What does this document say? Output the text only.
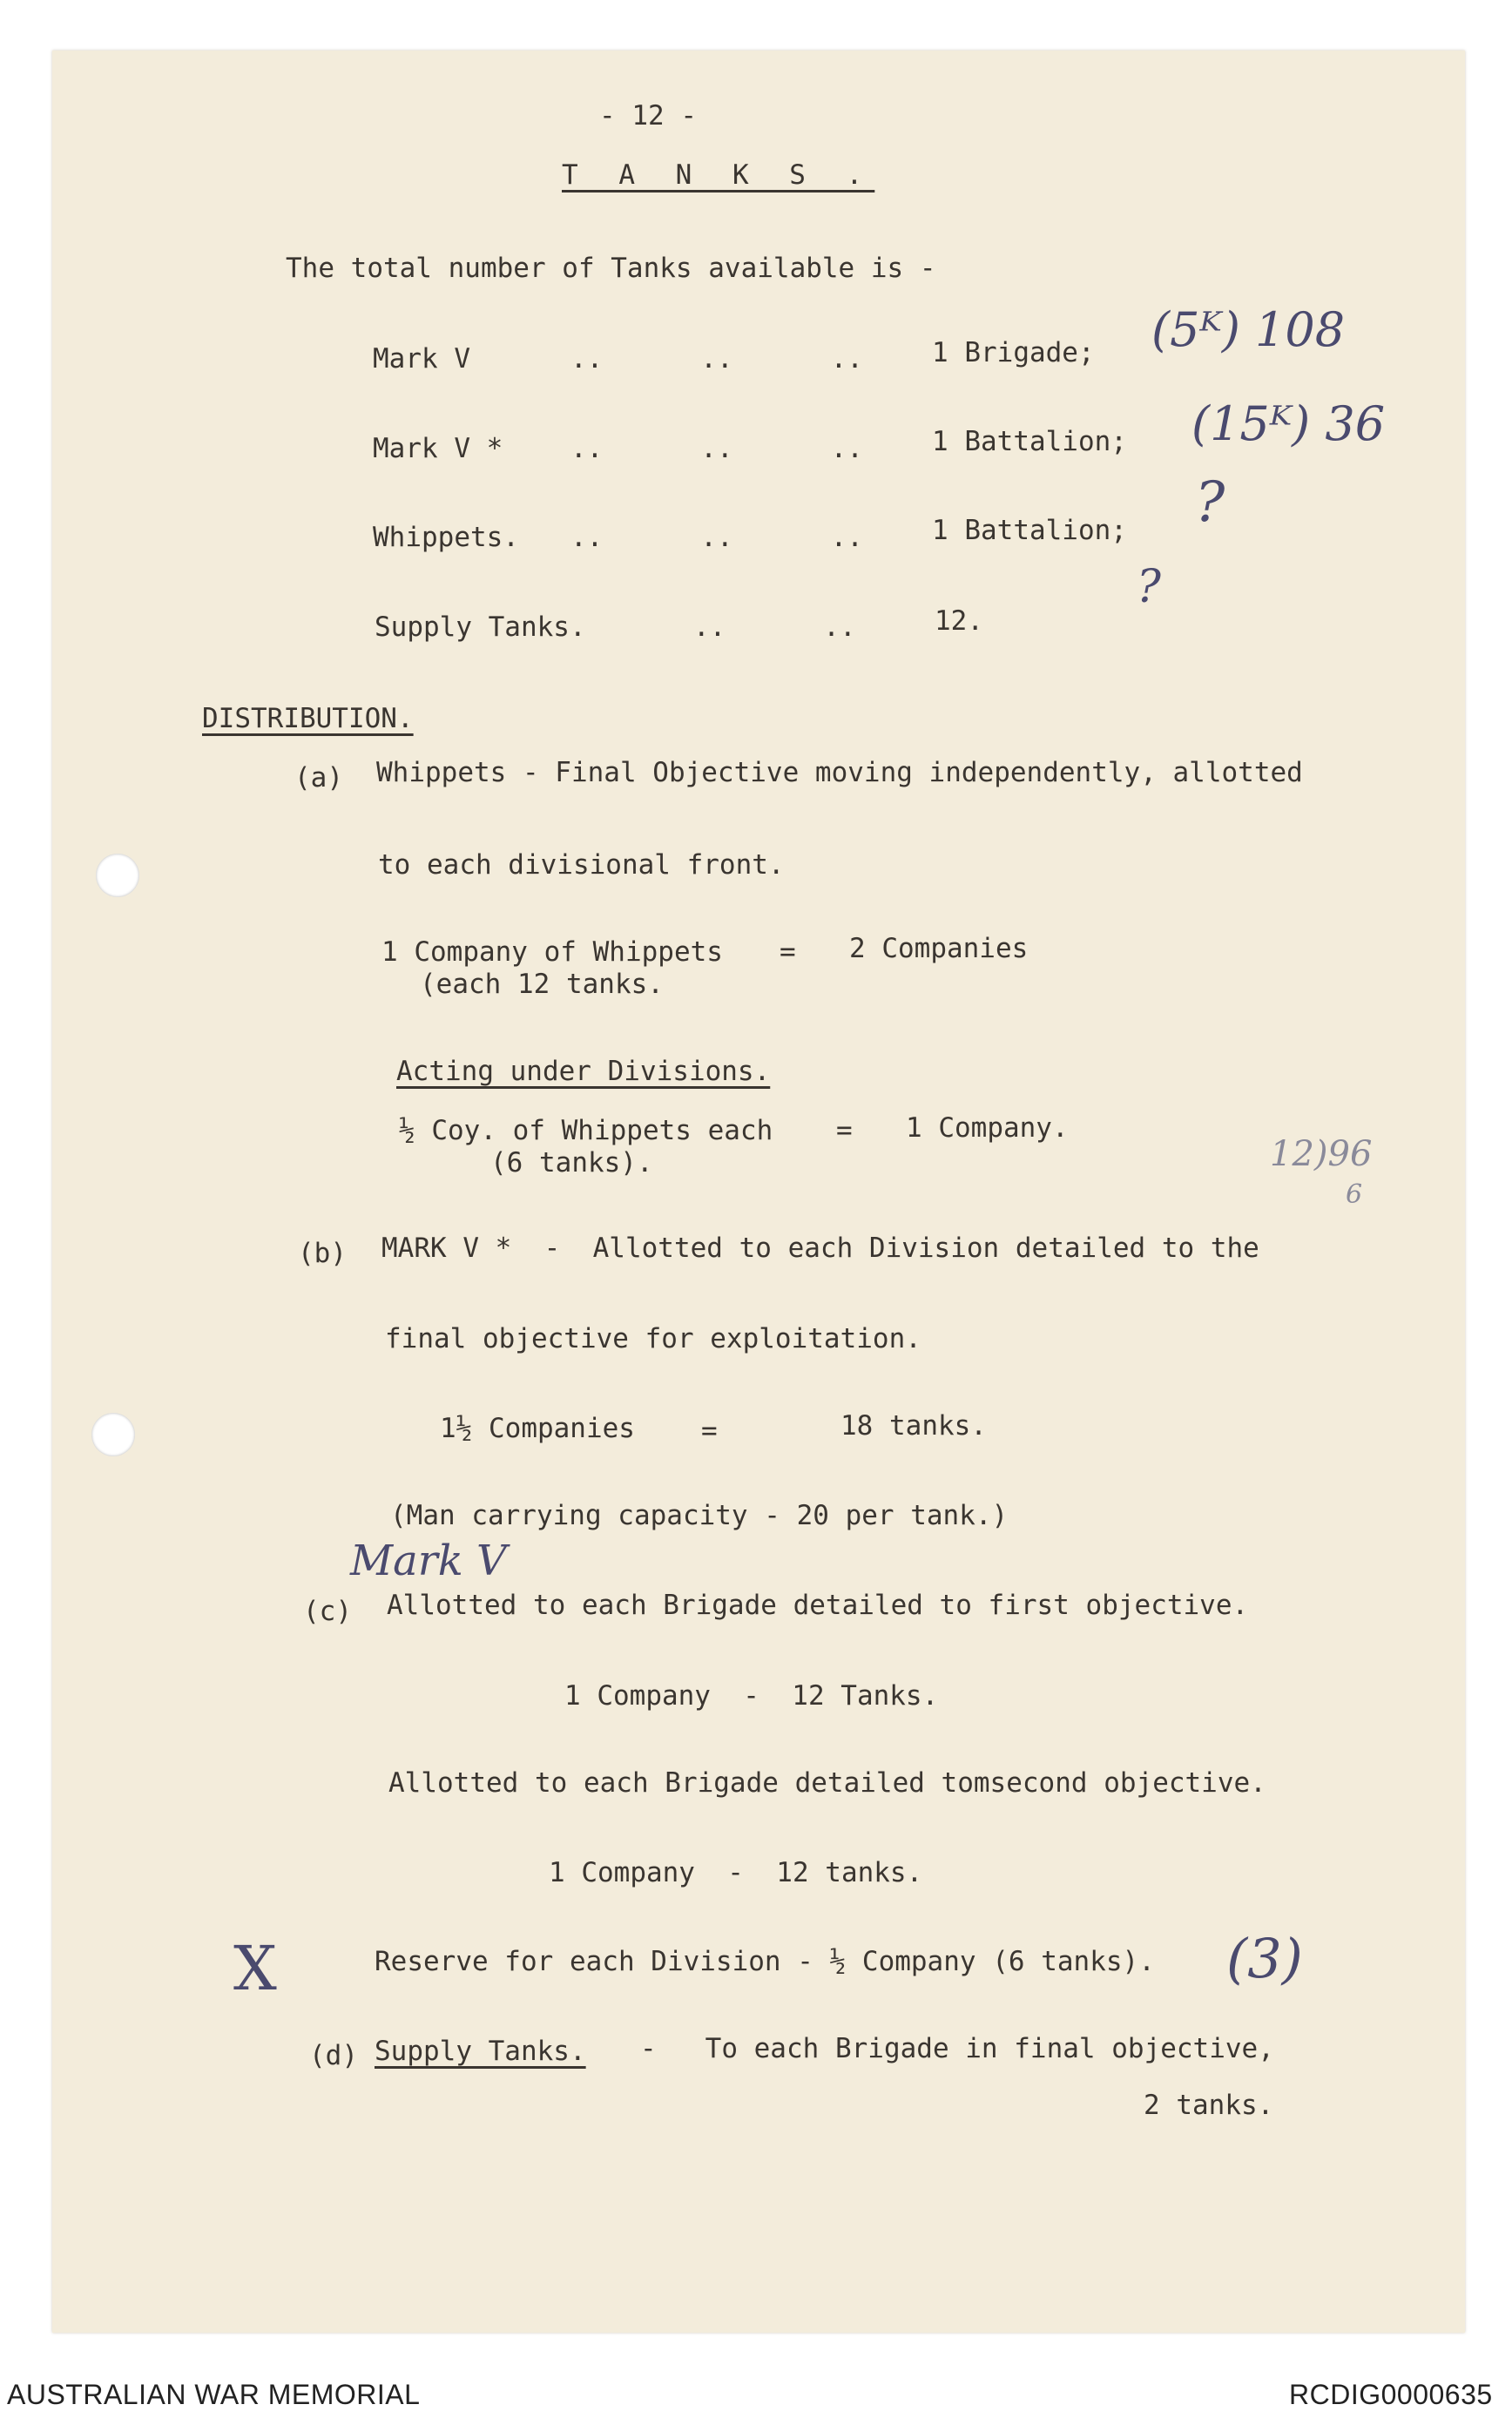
- 12 -
T A N K S .
The total number of Tanks available is -
Mark V	..      ..      ..	1 Brigade;
Mark V *	..      ..      ..	1 Battalion;
Whippets. ..      ..      ..	1 Battalion;
Supply Tanks.	..      ..	12.
DISTRIBUTION.
(a) Whippets - Final Objective moving independently, allotted
to each divisional front.
1 Company of Whippets = 2 Companies
(each 12 tanks.
Acting under Divisions.
½ Coy. of Whippets each = 1 Company.
(6 tanks).
(b) MARK V *  -  Allotted to each Division detailed to the
final objective for exploitation.
1½ Companies =	18 tanks.
(Man carrying capacity - 20 per tank.)
(c) Allotted to each Brigade detailed to first objective.
1 Company  -  12 Tanks.
Allotted to each Brigade detailed tomsecond objective.
1 Company  -  12 tanks.
Reserve for each Division - ½ Company (6 tanks).
(d) Supply Tanks. -   To each Brigade in final objective,
2 tanks.
(5ᴷ) 108
(15ᴷ) 36
?
?
12)96
6
Mark V
X	(3)
AUSTRALIAN WAR MEMORIAL	RCDIG0000635
